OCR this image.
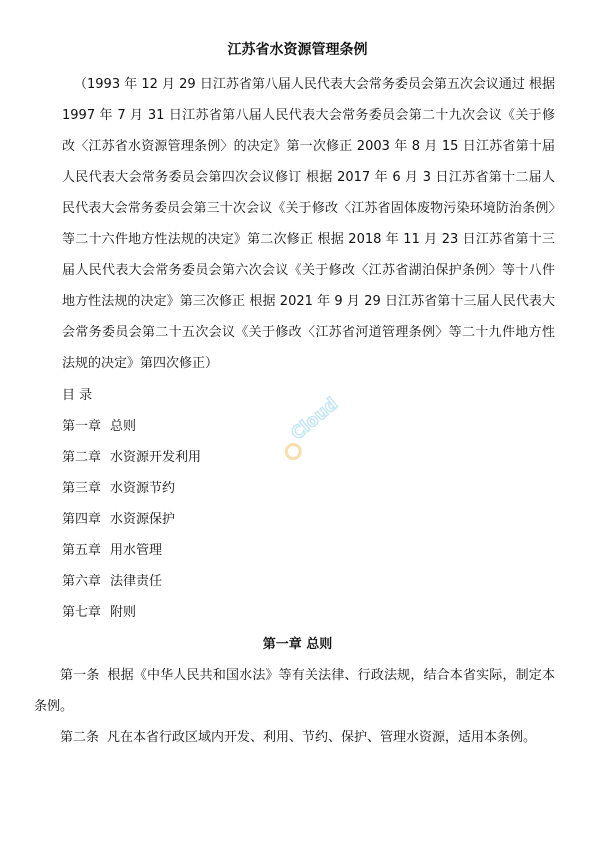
江苏省水资源管理条例
（1993 年 12 月 29 日江苏省第八届人民代表大会常务委员会第五次会议通过 根据 1997 年 7 月 31 日江苏省第八届人民代表大会常务委员会第二十九次会议《关于修改〈江苏省水资源管理条例〉的决定》第一次修正 2003 年 8 月 15 日江苏省第十届人民代表大会常务委员会第四次会议修订 根据 2017 年 6 月 3 日江苏省第十二届人民代表大会常务委员会第三十次会议《关于修改〈江苏省固体废物污染环境防治条例〉等二十六件地方性法规的决定》第二次修正 根据 2018 年 11 月 23 日江苏省第十三届人民代表大会常务委员会第六次会议《关于修改〈江苏省湖泊保护条例〉等十八件地方性法规的决定》第三次修正 根据 2021 年 9 月 29 日江苏省第十三届人民代表大会常务委员会第二十五次会议《关于修改〈江苏省河道管理条例〉等二十九件地方性法规的决定》第四次修正）
目 录
第一章 总则
第二章 水资源开发利用
第三章 水资源节约
第四章 水资源保护
第五章 用水管理
第六章 法律责任
第七章 附则
第一章 总则
第一条 根据《中华人民共和国水法》等有关法律、行政法规，结合本省实际，制定本条例。
第二条 凡在本省行政区域内开发、利用、节约、保护、管理水资源，适用本条例。
Cloud
